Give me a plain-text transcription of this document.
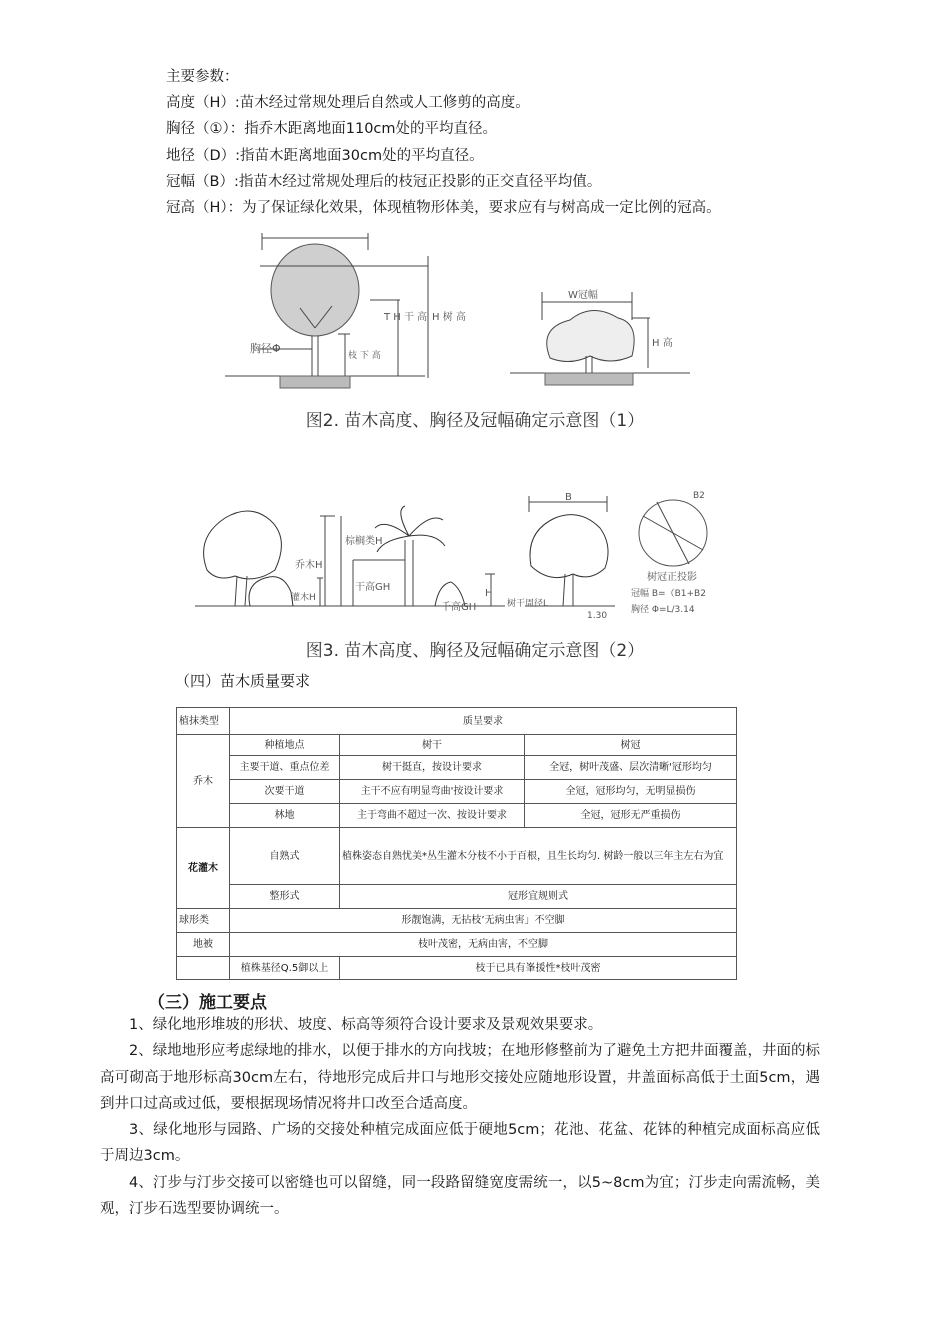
主要参数：

高度（H）:苗木经过常规处理后自然或人工修剪的高度。

胸径（①）：指乔木距离地面110cm处的平均直径。

地径（D）:指苗木距离地面30cm处的平均直径。

冠幅（B）:指苗木经过常规处理后的枝冠正投影的正交直径平均值。

冠高（H）：为了保证绿化效果，体现植物形体美，要求应有与树高成一定比例的冠高。

胸径Φ
T H 干 高 H 树 高
枝 下 高
W冠幅
H 高
图2. 苗木高度、胸径及冠幅确定示意图（1）
乔木H
灌木H
棕榈类H
干高GH
千高GH
H
B	B2
树干周径L
1.30
树冠正投影
冠幅 B=（B1+B2
胸径 Φ=L/3.14
图3. 苗木高度、胸径及冠幅确定示意图（2）
（四）苗木质量要求
植抹类型	质呈要求		
乔木	种植地点	树干	树冠
	主要干道、重点位差	树干挺直，按设计要求	全冠，树叶茂盛、层次清晰'冠形均匀
	次要干道	主干不应有明显弯曲'按设计要求	全冠，冠形均匀，无明显损伤
	林地	主于弯曲不超过一次、按设计要求	全冠，冠形无严重损伤
花灌木	自熟式	植株姿态自熟忧美*丛生灌木分枝不小于百根，且生长均匀. 树龄一般以三年主左右为宜	
	整形式	冠形宜规则式	
球形类	形靓饱满，无拈枝’无病虫害」不空脚		
地被	枝叶茂密，无病由害，不空脚		
	植株基径Q.5御以上	枝于已具有峯援性*枝叶茂密	
（三）施工要点

1、绿化地形堆坡的形状、坡度、标高等须符合设计要求及景观效果要求。

2、绿地地形应考虑绿地的排水，以便于排水的方向找坡；在地形修整前为了避免土方把井面覆盖，井面的标高可砌高于地形标高30cm左右，待地形完成后井口与地形交接处应随地形设置，井盖面标高低于土面5cm，遇到井口过高或过低，要根据现场情况将井口改至合适高度。

3、绿化地形与园路、广场的交接处种植完成面应低于硬地5cm；花池、花盆、花钵的种植完成面标高应低于周边3cm。

4、汀步与汀步交接可以密缝也可以留缝，同一段路留缝宽度需统一，以5~8cm为宜；汀步走向需流畅，美观，汀步石选型要协调统一。
